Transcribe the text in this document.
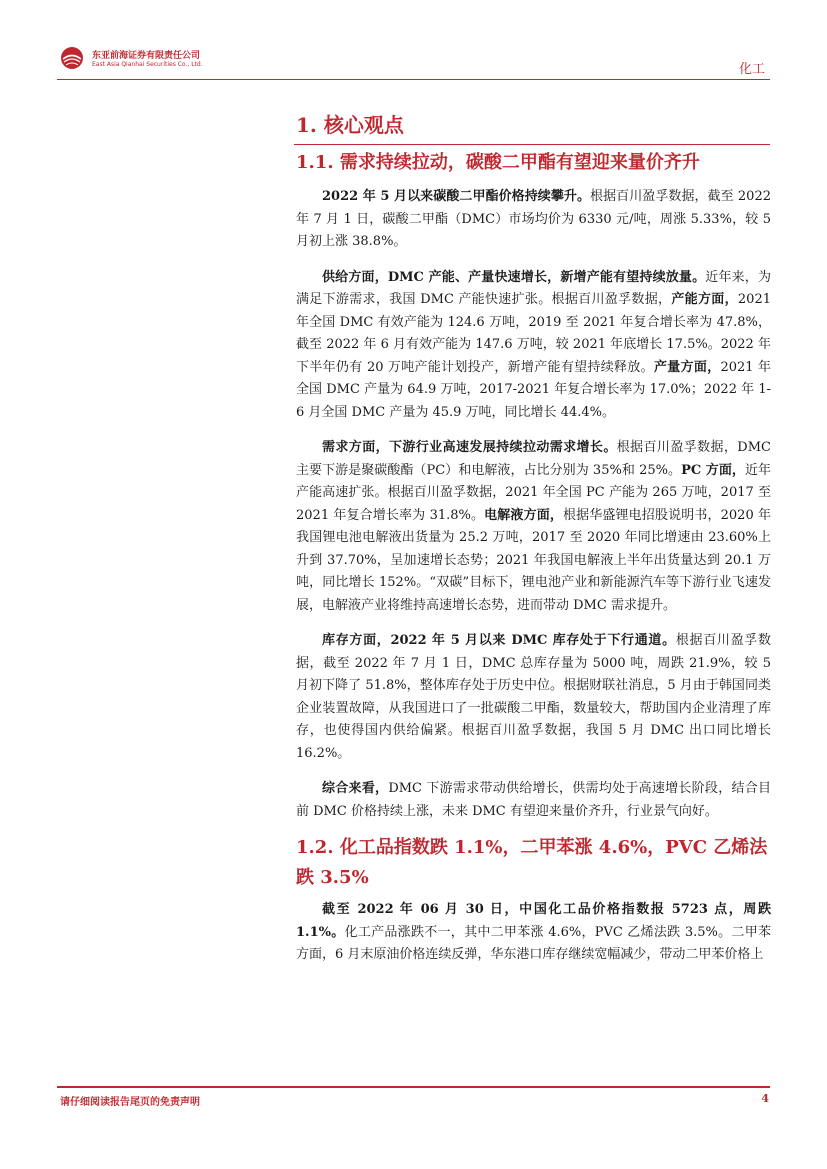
东亚前海证券有限责任公司
East Asia Qianhai Securities Co., Ltd.	化工
1. 核心观点
1.1. 需求持续拉动，碳酸二甲酯有望迎来量价齐升

2022 年 5 月以来碳酸二甲酯价格持续攀升。根据百川盈孚数据，截至 2022 年 7 月 1 日，碳酸二甲酯（DMC）市场均价为 6330 元/吨，周涨 5.33%，较 5 月初上涨 38.8%。

供给方面，DMC 产能、产量快速增长，新增产能有望持续放量。近年来，为满足下游需求，我国 DMC 产能快速扩张。根据百川盈孚数据，产能方面，2021 年全国 DMC 有效产能为 124.6 万吨，2019 至 2021 年复合增长率为 47.8%，截至 2022 年 6 月有效产能为 147.6 万吨，较 2021 年底增长 17.5%。2022 年下半年仍有 20 万吨产能计划投产，新增产能有望持续释放。产量方面，2021 年全国 DMC 产量为 64.9 万吨，2017-2021 年复合增长率为 17.0%；2022 年 1-6 月全国 DMC 产量为 45.9 万吨，同比增长 44.4%。

需求方面，下游行业高速发展持续拉动需求增长。根据百川盈孚数据，DMC 主要下游是聚碳酸酯（PC）和电解液，占比分别为 35%和 25%。PC 方面，近年产能高速扩张。根据百川盈孚数据，2021 年全国 PC 产能为 265 万吨，2017 至 2021 年复合增长率为 31.8%。电解液方面，根据华盛锂电招股说明书，2020 年我国锂电池电解液出货量为 25.2 万吨，2017 至 2020 年同比增速由 23.60%上升到 37.70%，呈加速增长态势；2021 年我国电解液上半年出货量达到 20.1 万吨，同比增长 152%。“双碳”目标下，锂电池产业和新能源汽车等下游行业飞速发展，电解液产业将维持高速增长态势，进而带动 DMC 需求提升。

库存方面，2022 年 5 月以来 DMC 库存处于下行通道。根据百川盈孚数据，截至 2022 年 7 月 1 日，DMC 总库存量为 5000 吨，周跌 21.9%，较 5 月初下降了 51.8%，整体库存处于历史中位。根据财联社消息，5 月由于韩国同类企业装置故障，从我国进口了一批碳酸二甲酯，数量较大，帮助国内企业清理了库存，也使得国内供给偏紧。根据百川盈孚数据，我国 5 月 DMC 出口同比增长 16.2%。

综合来看，DMC 下游需求带动供给增长，供需均处于高速增长阶段，结合目前 DMC 价格持续上涨，未来 DMC 有望迎来量价齐升，行业景气向好。

1.2. 化工品指数跌 1.1%，二甲苯涨 4.6%，PVC 乙烯法跌 3.5%

截至 2022 年 06 月 30 日，中国化工品价格指数报 5723 点，周跌 1.1%。化工产品涨跌不一，其中二甲苯涨 4.6%，PVC 乙烯法跌 3.5%。二甲苯方面，6 月末原油价格连续反弹，华东港口库存继续宽幅减少，带动二甲苯价格上

请仔细阅读报告尾页的免责声明	4
